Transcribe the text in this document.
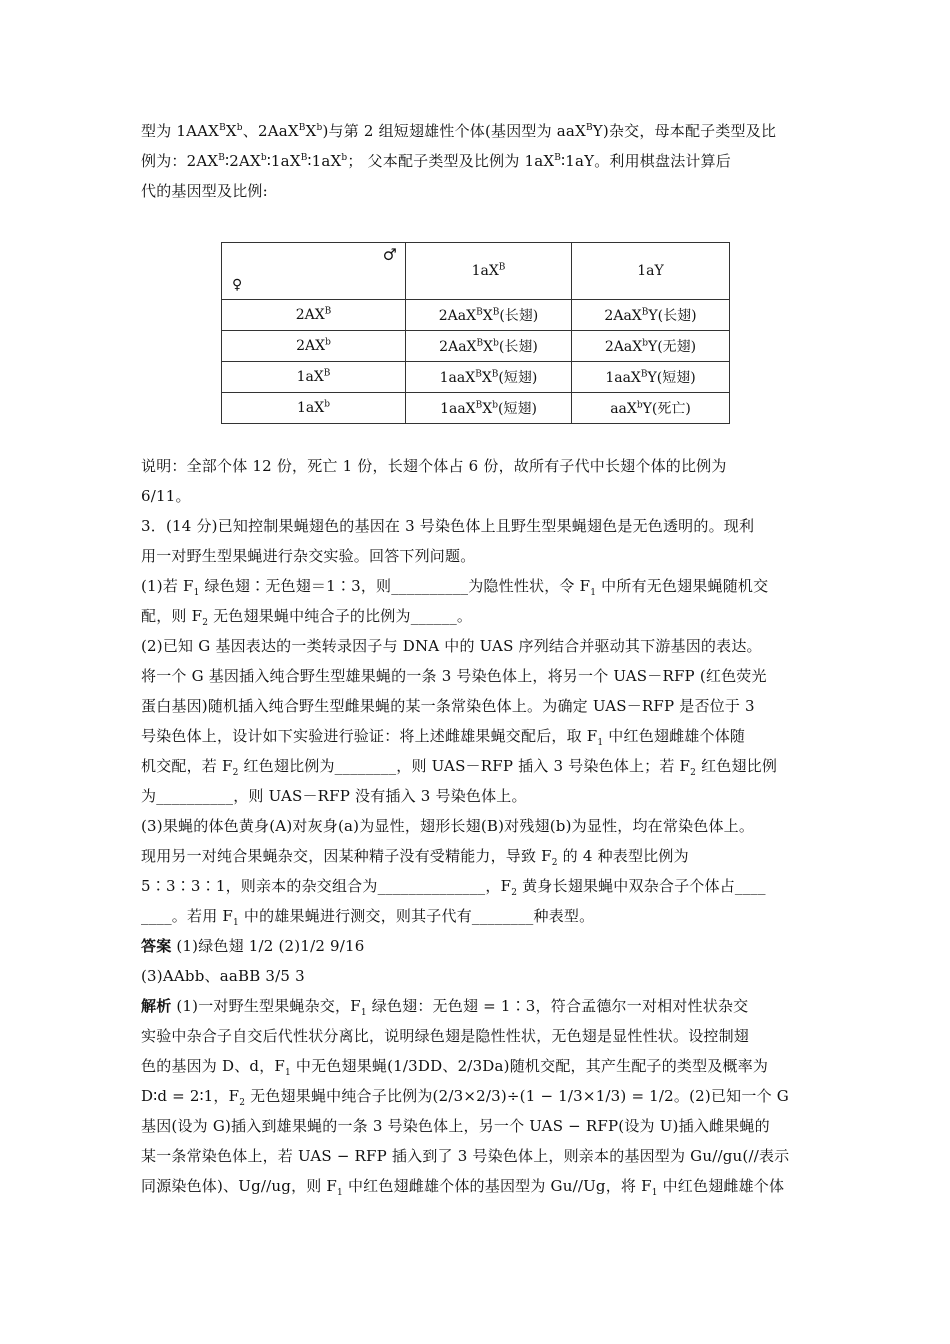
型为 $1AAX^BX^b$、$2AaX^BX^b$)与第 2 组短翅雄性个体(基因型为 aaX$^B$Y)杂交，母本配子类型及比

例为：$2AX^B∶2AX^b∶1aX^B∶1aX^b$； 父本配子类型及比例为 $1aX^B∶1aY$。利用棋盘法计算后

代的基因型及比例:

♂
♀	$1aX^B$	1aY
$2AX^B$	$2AaX^BX^B$(长翅)	2AaX$^B$Y(长翅)
$2AX^b$	$2AaX^BX^b$(长翅)	2AaX$^b$Y(无翅)
$1aX^B$	$1aaX^BX^B$(短翅)	1aaX$^B$Y(短翅)
$1aX^b$	$1aaX^BX^b$(短翅)	aaX$^b$Y(死亡)

说明：全部个体 12 份，死亡 1 份，长翅个体占 6 份，故所有子代中长翅个体的比例为

6/11。

3．(14 分)已知控制果蝇翅色的基因在 3 号染色体上且野生型果蝇翅色是无色透明的。现利

用一对野生型果蝇进行杂交实验。回答下列问题。

(1)若 $F_1$ 绿色翅∶无色翅＝1∶3，则__________为隐性性状，令 $F_1$ 中所有无色翅果蝇随机交

配，则 $F_2$ 无色翅果蝇中纯合子的比例为______。

(2)已知 G 基因表达的一类转录因子与 DNA 中的 UAS 序列结合并驱动其下游基因的表达。

将一个 G 基因插入纯合野生型雄果蝇的一条 3 号染色体上，将另一个 UAS－RFP (红色荧光

蛋白基因)随机插入纯合野生型雌果蝇的某一条常染色体上。为确定 UAS－RFP 是否位于 3

号染色体上，设计如下实验进行验证：将上述雌雄果蝇交配后，取 $F_1$ 中红色翅雌雄个体随

机交配，若 $F_2$ 红色翅比例为________，则 UAS－RFP 插入 3 号染色体上；若 $F_2$ 红色翅比例

为__________，则 UAS－RFP 没有插入 3 号染色体上。

(3)果蝇的体色黄身(A)对灰身(a)为显性，翅形长翅(B)对残翅(b)为显性，均在常染色体上。

现用另一对纯合果蝇杂交，因某种精子没有受精能力，导致 $F_2$ 的 4 种表型比例为

5∶3∶3∶1，则亲本的杂交组合为______________，$F_2$ 黄身长翅果蝇中双杂合子个体占____

____。若用 $F_1$ 中的雄果蝇进行测交，则其子代有________种表型。

答案 (1)绿色翅 1/2 (2)1/2 9/16

(3)AAbb、aaBB 3/5 3

解析 (1)一对野生型果蝇杂交，$F_1$ 绿色翅：无色翅 = 1∶3，符合孟德尔一对相对性状杂交

实验中杂合子自交后代性状分离比，说明绿色翅是隐性性状，无色翅是显性性状。设控制翅

色的基因为 D、d，$F_1$ 中无色翅果蝇(1/3DD、2/3Da)随机交配，其产生配子的类型及概率为

D∶d = 2∶1，$F_2$ 无色翅果蝇中纯合子比例为(2/3×2/3)÷(1 − 1/3×1/3) = 1/2。(2)已知一个 G

基因(设为 G)插入到雄果蝇的一条 3 号染色体上，另一个 UAS − RFP(设为 U)插入雌果蝇的

某一条常染色体上，若 UAS − RFP 插入到了 3 号染色体上，则亲本的基因型为 Gu//gu(//表示

同源染色体)、Ug//ug，则 $F_1$ 中红色翅雌雄个体的基因型为 Gu//Ug，将 $F_1$ 中红色翅雌雄个体
